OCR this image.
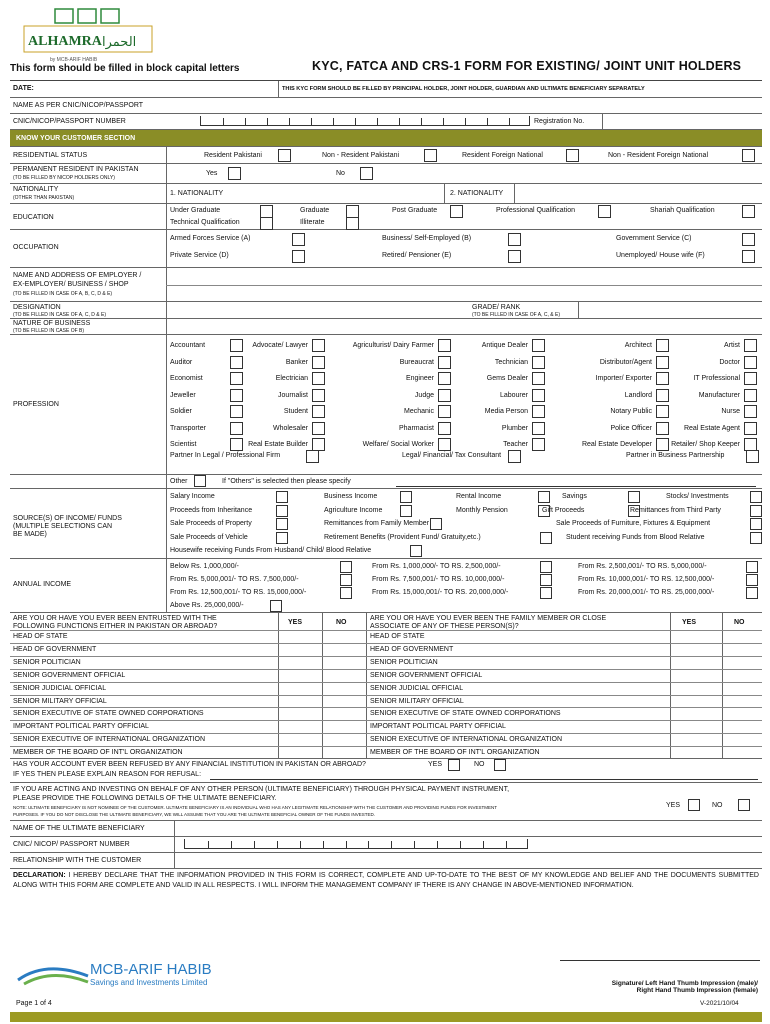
ALHAMRA الحمرا
by MCB-ARIF HABIB
This form should be filled in block capital letters	KYC, FATCA AND CRS-1 FORM FOR EXISTING/ JOINT UNIT HOLDERS
DATE:	THIS KYC FORM SHOULD BE FILLED BY PRINCIPAL HOLDER, JOINT HOLDER, GUARDIAN AND ULTIMATE BENEFICIARY SEPARATELY
NAME AS PER CNIC/NICOP/PASSPORT
CNIC/NICOP/PASSPORT NUMBER	Registration No.
KNOW YOUR CUSTOMER SECTION
RESIDENTIAL STATUS	Resident Pakistani	Non - Resident Pakistani	Resident Foreign National	Non - Resident Foreign National
PERMANENT RESIDENT IN PAKISTAN
(TO BE FILLED BY NICOP HOLDERS ONLY)
Yes	No
NATIONALITY
(OTHER THAN PAKISTAN)
1. NATIONALITY	2. NATIONALITY
EDUCATION
Under Graduate	Graduate	Post Graduate	Professional Qualification	Shariah Qualification
Technical Qualification	Illiterate
OCCUPATION
Armed Forces Service (A)	Business/ Self-Employed (B)	Government Service (C)
Private Service (D)	Retired/ Pensioner (E)	Unemployed/ House wife (F)
NAME AND ADDRESS OF EMPLOYER /
EX-EMPLOYER/ BUSINESS / SHOP
(TO BE FILLED IN CASE OF A, B, C, D & E)
DESIGNATION
(TO BE FILLED IN CASE OF A, C, D & E)
GRADE/ RANK
(TO BE FILLED IN CASE OF A, C, & E)
NATURE OF BUSINESS
(TO BE FILLED IN CASE OF B)
PROFESSION
Partner In Legal / Professional Firm	Legal/ Financial/ Tax Consultant	Partner in Business Partnership
Accountant	Advocate/ Lawyer	Agriculturist/ Dairy Farmer	Antique Dealer	Architect	Artist
Auditor	Banker	Bureaucrat	Technician	Distributor/Agent	Doctor
Economist	Electrician	Engineer	Gems Dealer	Importer/ Exporter	IT Professional
Jeweller	Journalist	Judge	Labourer	Landlord	Manufacturer
Soldier	Student	Mechanic	Media Person	Notary Public	Nurse
Transporter	Wholesaler	Pharmacist	Plumber	Police Officer	Real Estate Agent
Scientist	Real Estate Builder	Welfare/ Social Worker	Teacher	Real Estate Developer	Retailer/ Shop Keeper
Other	If "Others" is selected then please specify
SOURCE(S) OF INCOME/ FUNDS
(MULTIPLE SELECTIONS CAN
BE MADE)
Salary Income	Business Income	Rental Income	Savings	Stocks/ Investments
Proceeds from Inheritance	Agriculture Income	Monthly Pension	Gift Proceeds	Remittances from Third Party
Sale Proceeds of Property	Remittances from Family Member	Sale Proceeds of Furniture, Fixtures & Equipment
Sale Proceeds of Vehicle	Retirement Benefits (Provident Fund/ Gratuity,etc.)	Student receiving Funds from Blood Relative
Housewife receiving Funds From Husband/ Child/ Blood Relative
ANNUAL INCOME
Below Rs. 1,000,000/-	From Rs. 1,000,000/- TO RS. 2,500,000/-	From Rs. 2,500,001/- TO RS. 5,000,000/-
From Rs. 5,000,001/- TO RS. 7,500,000/-	From Rs. 7,500,001/- TO RS. 10,000,000/-	From Rs. 10,000,001/- TO RS. 12,500,000/-
From Rs. 12,500,001/- TO RS. 15,000,000/-	From Rs. 15,000,001/- TO RS. 20,000,000/-	From Rs. 20,000,001/- TO RS. 25,000,000/-
Above Rs. 25,000,000/-
ARE YOU OR HAVE YOU EVER BEEN ENTRUSTED WITH THE
FOLLOWING FUNCTIONS EITHER IN PAKISTAN OR ABROAD?
ARE YOU OR HAVE YOU EVER BEEN THE FAMILY MEMBER OR CLOSE
ASSOCIATE OF ANY OF THESE PERSON(S)?
YES	NO	YES	NO
HEAD OF STATE	HEAD OF STATE
HEAD OF GOVERNMENT	HEAD OF GOVERNMENT
SENIOR POLITICIAN	SENIOR POLITICIAN
SENIOR GOVERNMENT OFFICIAL	SENIOR GOVERNMENT OFFICIAL
SENIOR JUDICIAL OFFICIAL	SENIOR JUDICIAL OFFICIAL
SENIOR MILITARY OFFICIAL	SENIOR MILITARY OFFICIAL
SENIOR EXECUTIVE OF STATE OWNED CORPORATIONS	SENIOR EXECUTIVE OF STATE OWNED CORPORATIONS
IMPORTANT POLITICAL PARTY OFFICIAL	IMPORTANT POLITICAL PARTY OFFICIAL
SENIOR EXECUTIVE OF INTERNATIONAL ORGANIZATION	SENIOR EXECUTIVE OF INTERNATIONAL ORGANIZATION
MEMBER OF THE BOARD OF INT'L ORGANIZATION	MEMBER OF THE BOARD OF INT'L ORGANIZATION
HAS YOUR ACCOUNT EVER BEEN REFUSED BY ANY FINANCIAL INSTITUTION IN PAKISTAN OR ABROAD?
IF YES THEN PLEASE EXPLAIN REASON FOR REFUSAL:
YES	NO
IF YOU ARE ACTING AND INVESTING ON BEHALF OF ANY OTHER PERSON (ULTIMATE BENEFICIARY) THROUGH PHYSICAL PAYMENT INSTRUMENT,
PLEASE PROVIDE THE FOLLOWING DETAILS OF THE ULTIMATE BENEFICIARY.
NOTE: ULTIMATE BENEFICIARY IS NOT NOMINEE OF THE CUSTOMER. ULTIMATE BENEFICIARY IS AN INDIVIDUAL WHO HAS ANY LEGITIMATE RELATIONSHIP WITH THE CUSTOMER AND PROVIDING FUNDS FOR INVESTMENT
PURPOSES. IF YOU DO NOT DISCLOSE THE ULTIMATE BENEFICIARY, WE WILL ASSUME THAT YOU ARE THE ULTIMATE BENEFICIAL OWNER OF THE FUNDS INVESTED.
YES	NO
NAME OF THE ULTIMATE BENEFICIARY
CNIC/ NICOP/ PASSPORT NUMBER
RELATIONSHIP WITH THE CUSTOMER
DECLARATION: I HEREBY DECLARE THAT THE INFORMATION PROVIDED IN THIS FORM IS CORRECT, COMPLETE AND UP-TO-DATE TO THE BEST OF MY KNOWLEDGE AND BELIEF AND THE DOCUMENTS SUBMITTED ALONG WITH THIS FORM ARE COMPLETE AND VALID IN ALL RESPECTS. I WILL INFORM THE MANAGEMENT COMPANY IF THERE IS ANY CHANGE IN ABOVE-MENTIONED INFORMATION.
MCB-ARIF HABIB
Savings and Investments Limited	Signature/ Left Hand Thumb Impression (male)/
Right Hand Thumb Impression (female)
Page 1 of 4	V-2021/10/04
